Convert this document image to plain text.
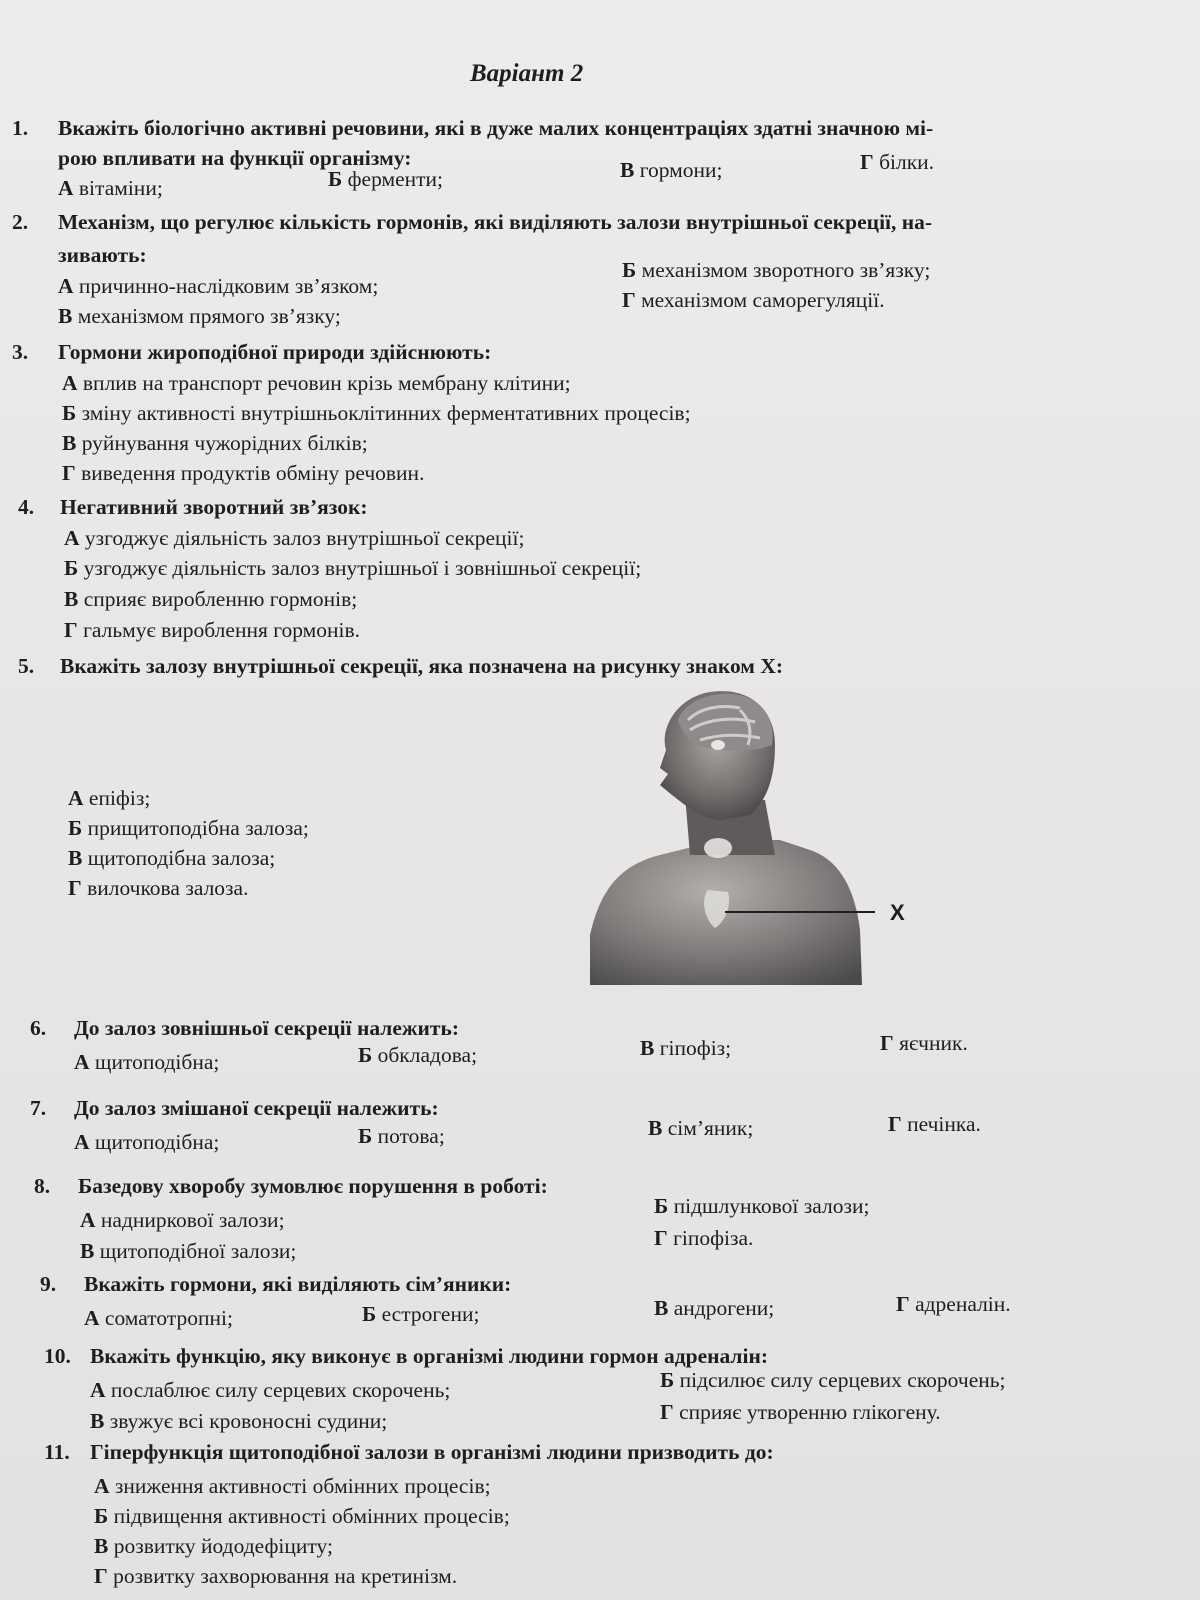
Варіант 2
1. Вкажіть біологічно активні речовини, які в дуже малих концентраціях здатні значною мі-
рою впливати на функції організму:
А вітаміни;	Б ферменти;	В гормони;	Г білки.
2. Механізм, що регулює кількість гормонів, які виділяють залози внутрішньої секреції, на-
зивають:
А причинно-наслідковим зв’язком;
Б механізмом зворотного зв’язку;
В механізмом прямого зв’язку;
Г механізмом саморегуляції.
3. Гормони жироподібної природи здійснюють:
А вплив на транспорт речовин крізь мембрану клітини;
Б зміну активності внутрішньоклітинних ферментативних процесів;
В руйнування чужорідних білків;
Г виведення продуктів обміну речовин.
4. Негативний зворотний зв’язок:
А узгоджує діяльність залоз внутрішньої секреції;
Б узгоджує діяльність залоз внутрішньої і зовнішньої секреції;
В сприяє виробленню гормонів;
Г гальмує вироблення гормонів.
5. Вкажіть залозу внутрішньої секреції, яка позначена на рисунку знаком Х:
А епіфіз;
Б прищитоподібна залоза;
В щитоподібна залоза;
Г вилочкова залоза.
Х
6. До залоз зовнішньої секреції належить:
А щитоподібна;	Б обкладова;	В гіпофіз;	Г яєчник.
7. До залоз змішаної секреції належить:
А щитоподібна;	Б потова;	В сім’яник;	Г печінка.
8. Базедову хворобу зумовлює порушення в роботі:
А надниркової залози;
Б підшлункової залози;
В щитоподібної залози;
Г гіпофіза.
9. Вкажіть гормони, які виділяють сім’яники:
А соматотропні;	Б естрогени;	В андрогени;	Г адреналін.
10. Вкажіть функцію, яку виконує в організмі людини гормон адреналін:
А послаблює силу серцевих скорочень;	Б підсилює силу серцевих скорочень;
В звужує всі кровоносні судини;	Г сприяє утворенню глікогену.
11. Гіперфункція щитоподібної залози в організмі людини призводить до:
А зниження активності обмінних процесів;
Б підвищення активності обмінних процесів;
В розвитку йододефіциту;
Г розвитку захворювання на кретинізм.
